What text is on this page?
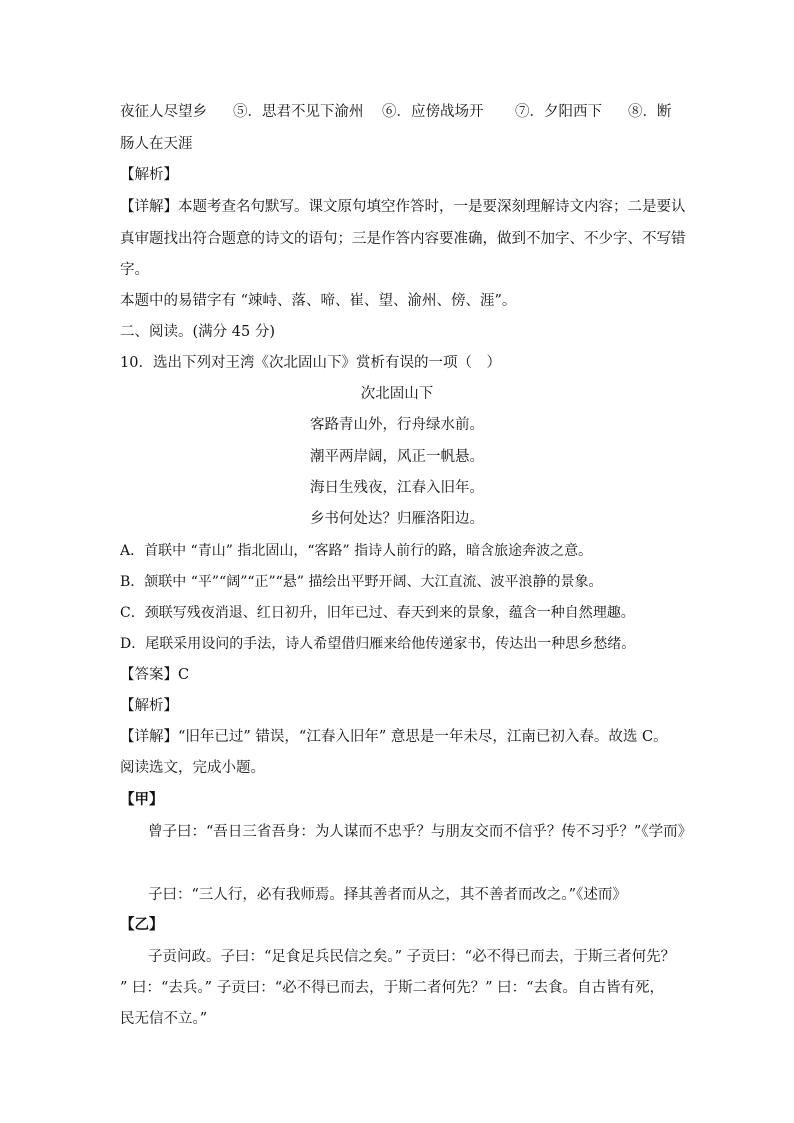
夜征人尽望乡 ⑤．思君不见下渝州 ⑥．应傍战场开 ⑦．夕阳西下 ⑧．断
肠人在天涯
【解析】
【详解】本题考查名句默写。课文原句填空作答时，一是要深刻理解诗文内容；二是要认
真审题找出符合题意的诗文的语句；三是作答内容要准确，做到不加字、不少字、不写错
字。
本题中的易错字有 “竦峙、落、啼、崔、望、渝州、傍、涯”。
二、阅读。(满分 45 分)
10．选出下列对王湾《次北固山下》赏析有误的一项（　）
次北固山下
客路青山外，行舟绿水前。
潮平两岸阔，风正一帆悬。
海日生残夜，江春入旧年。
乡书何处达？归雁洛阳边。
A．首联中 “青山” 指北固山，“客路” 指诗人前行的路，暗含旅途奔波之意。
B．颔联中 “平”“阔”“正”“悬” 描绘出平野开阔、大江直流、波平浪静的景象。
C．颈联写残夜消退、红日初升，旧年已过、春天到来的景象，蕴含一种自然理趣。
D．尾联采用设问的手法，诗人希望借归雁来给他传递家书，传达出一种思乡愁绪。
【答案】C
【解析】
【详解】“旧年已过” 错误，“江春入旧年” 意思是一年未尽，江南已初入春。故选 C。
阅读选文，完成小题。
【甲】
曾子曰：“吾日三省吾身：为人谋而不忠乎？与朋友交而不信乎？传不习乎？”《学而》
子曰：“三人行，必有我师焉。择其善者而从之，其不善者而改之。”《述而》
【乙】
子贡问政。子曰：“足食足兵民信之矣。” 子贡曰：“必不得已而去，于斯三者何先？
” 曰：“去兵。” 子贡曰：“必不得已而去，于斯二者何先？” 曰：“去食。自古皆有死，
民无信不立。”
